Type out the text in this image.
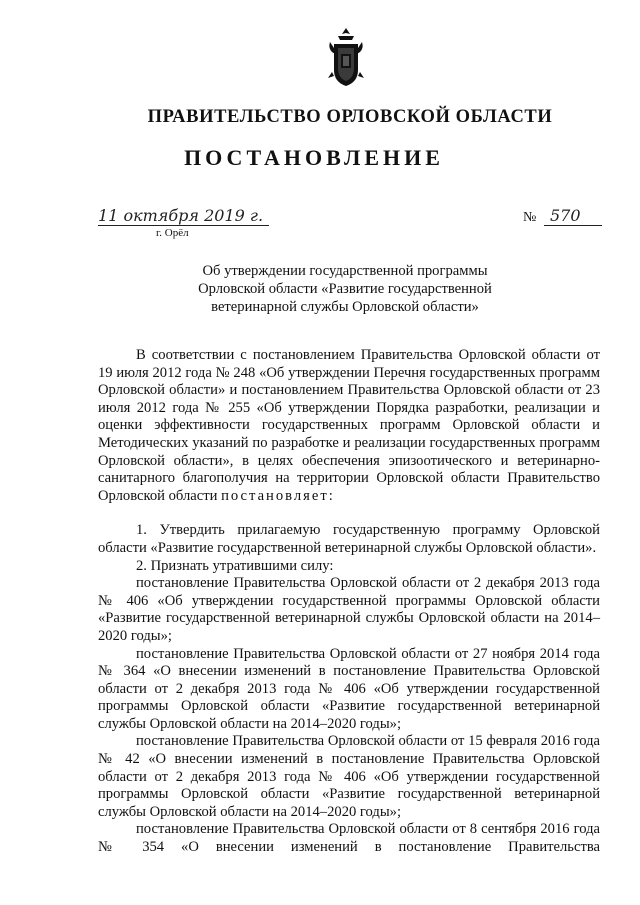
ПРАВИТЕЛЬСТВО ОРЛОВСКОЙ ОБЛАСТИ
ПОСТАНОВЛЕНИЕ
11 октября 2019 г.
г. Орёл
№ 570
Об утверждении государственной программы
Орловской области «Развитие государственной
ветеринарной службы Орловской области»

В соответствии с постановлением Правительства Орловской области от 19 июля 2012 года № 248 «Об утверждении Перечня государственных программ Орловской области» и постановлением Правительства Орловской области от 23 июля 2012 года № 255 «Об утверждении Порядка разработки, реализации и оценки эффективности государственных программ Орловской области и Методических указаний по разработке и реализации государственных программ Орловской области», в целях обеспечения эпизоотического и ветеринарно-санитарного благополучия на территории Орловской области Правительство Орловской области постановляет:

1. Утвердить прилагаемую государственную программу Орловской области «Развитие государственной ветеринарной службы Орловской области».

2. Признать утратившими силу:

постановление Правительства Орловской области от 2 декабря 2013 года № 406 «Об утверждении государственной программы Орловской области «Развитие государственной ветеринарной службы Орловской области на 2014–2020 годы»;

постановление Правительства Орловской области от 27 ноября 2014 года № 364 «О внесении изменений в постановление Правительства Орловской области от 2 декабря 2013 года № 406 «Об утверждении государственной программы Орловской области «Развитие государственной ветеринарной службы Орловской области на 2014–2020 годы»;

постановление Правительства Орловской области от 15 февраля 2016 года № 42 «О внесении изменений в постановление Правительства Орловской области от 2 декабря 2013 года № 406 «Об утверждении государственной программы Орловской области «Развитие государственной ветеринарной службы Орловской области на 2014–2020 годы»;

постановление Правительства Орловской области от 8 сентября 2016 года № 354 «О внесении изменений в постановление Правительства
